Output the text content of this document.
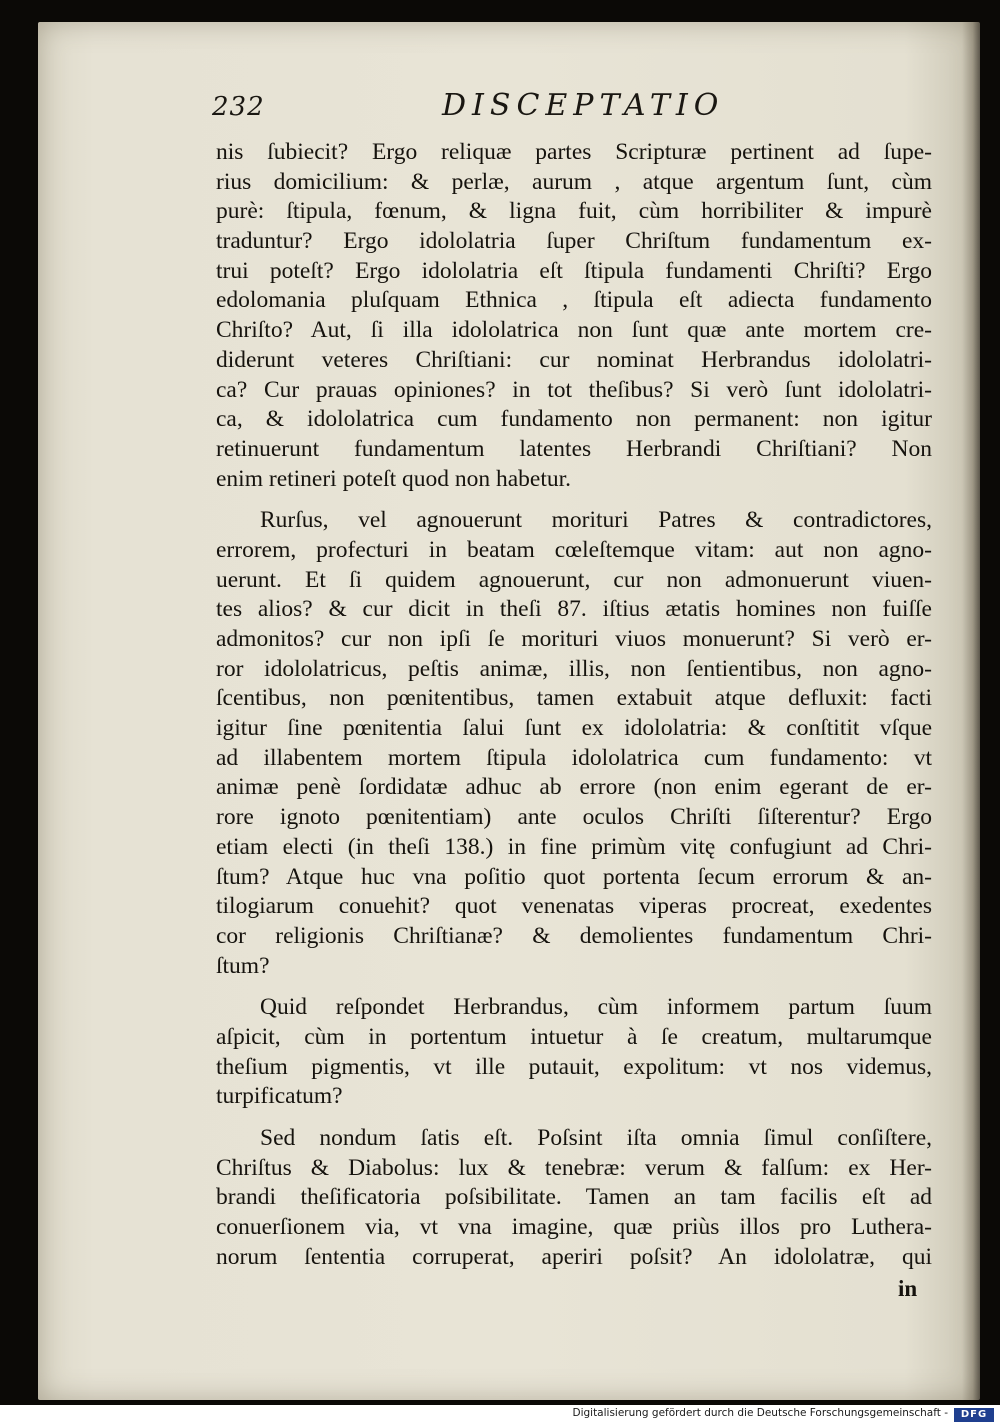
232	DISCEPTATIO
nis ſubiecit? Ergo reliquæ partes Scripturæ pertinent ad ſupe-
rius domicilium: & perlæ, aurum , atque argentum ſunt, cùm
purè: ſtipula, fœnum, & ligna fuit, cùm horribiliter & impurè
traduntur? Ergo idololatria ſuper Chriſtum fundamentum ex-
trui poteſt? Ergo idololatria eſt ſtipula fundamenti Chriſti? Ergo
edolomania pluſquam Ethnica , ſtipula eſt adiecta fundamento
Chriſto? Aut, ſi illa idololatrica non ſunt quæ ante mortem cre-
diderunt veteres Chriſtiani: cur nominat Herbrandus idololatri-
ca? Cur prauas opiniones? in tot theſibus? Si verò ſunt idololatri-
ca, & idololatrica cum fundamento non permanent: non igitur
retinuerunt fundamentum latentes Herbrandi Chriſtiani? Non
enim retineri poteſt quod non habetur.
Rurſus, vel agnouerunt morituri Patres & contradictores,
errorem, profecturi in beatam cœleſtemque vitam: aut non agno-
uerunt. Et ſi quidem agnouerunt, cur non admonuerunt viuen-
tes alios? & cur dicit in theſi 87. iſtius ætatis homines non fuiſſe
admonitos? cur non ipſi ſe morituri viuos monuerunt? Si verò er-
ror idololatricus, peſtis animæ, illis, non ſentientibus, non agno-
ſcentibus, non pœnitentibus, tamen extabuit atque defluxit: facti
igitur ſine pœnitentia ſalui ſunt ex idololatria: & conſtitit vſque
ad illabentem mortem ſtipula idololatrica cum fundamento: vt
animæ penè ſordidatæ adhuc ab errore (non enim egerant de er-
rore ignoto pœnitentiam) ante oculos Chriſti ſiſterentur? Ergo
etiam electi (in theſi 138.) in fine primùm vitę confugiunt ad Chri-
ſtum? Atque huc vna poſitio quot portenta ſecum errorum & an-
tilogiarum conuehit? quot venenatas viperas procreat, exedentes
cor religionis Chriſtianæ? & demolientes fundamentum Chri-
ſtum?
Quid reſpondet Herbrandus, cùm informem partum ſuum
aſpicit, cùm in portentum intuetur à ſe creatum, multarumque
theſium pigmentis, vt ille putauit, expolitum: vt nos videmus,
turpificatum?
Sed nondum ſatis eſt. Poſsint iſta omnia ſimul conſiſtere,
Chriſtus & Diabolus: lux & tenebræ: verum & falſum: ex Her-
brandi theſificatoria poſsibilitate. Tamen an tam facilis eſt ad
conuerſionem via, vt vna imagine, quæ priùs illos pro Luthera-
norum ſententia corruperat, aperiri poſsit? An idololatræ, qui
in
Digitalisierung gefördert durch die Deutsche Forschungsgemeinschaft -	DFG
